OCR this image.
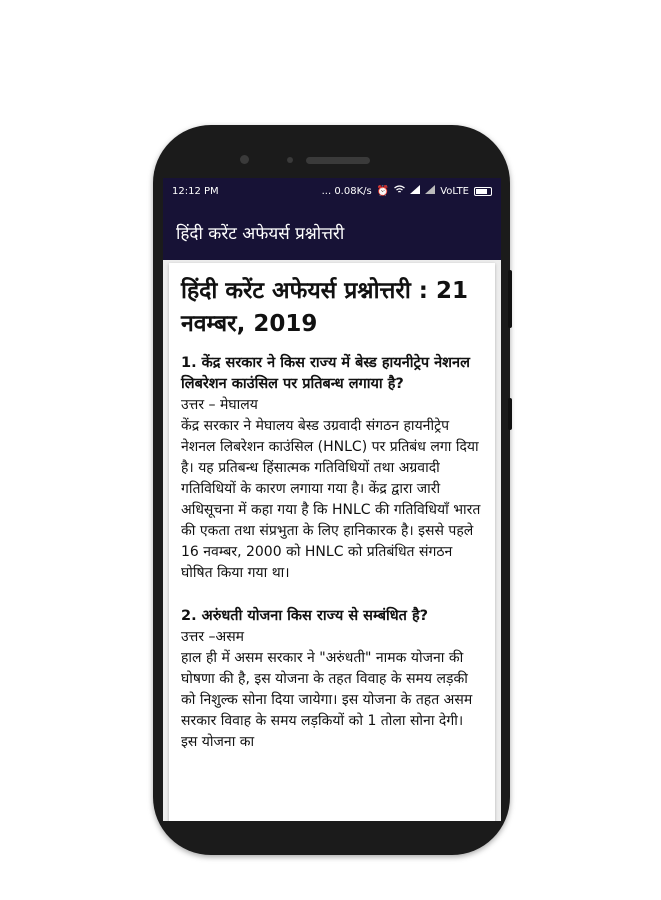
12:12 PM	... 0.08K/s ⏰	VoLTE
हिंदी करेंट अफेयर्स प्रश्नोत्तरी
हिंदी करेंट अफेयर्स प्रश्नोत्तरी : 21 नवम्बर, 2019

1. केंद्र सरकार ने किस राज्य में बेस्ड हायनीट्रेप नेशनल लिबरेशन काउंसिल पर प्रतिबन्ध लगाया है?

उत्तर – मेघालय

केंद्र सरकार ने मेघालय बेस्ड उग्रवादी संगठन हायनीट्रेप नेशनल लिबरेशन काउंसिल (HNLC) पर प्रतिबंध लगा दिया है। यह प्रतिबन्ध हिंसात्मक गतिविधियों तथा अग्रवादी गतिविधियों के कारण लगाया गया है। केंद्र द्वारा जारी अधिसूचना में कहा गया है कि HNLC की गतिविधियाँ भारत की एकता तथा संप्रभुता के लिए हानिकारक है। इससे पहले 16 नवम्बर, 2000 को HNLC को प्रतिबंधित संगठन घोषित किया गया था।

2. अरुंधती योजना किस राज्य से सम्बंधित है?

उत्तर –असम

हाल ही में असम सरकार ने "अरुंधती" नामक योजना की घोषणा की है, इस योजना के तहत विवाह के समय लड़की को निशुल्क सोना दिया जायेगा। इस योजना के तहत असम सरकार विवाह के समय लड़कियों को 1 तोला सोना देगी। इस योजना का
